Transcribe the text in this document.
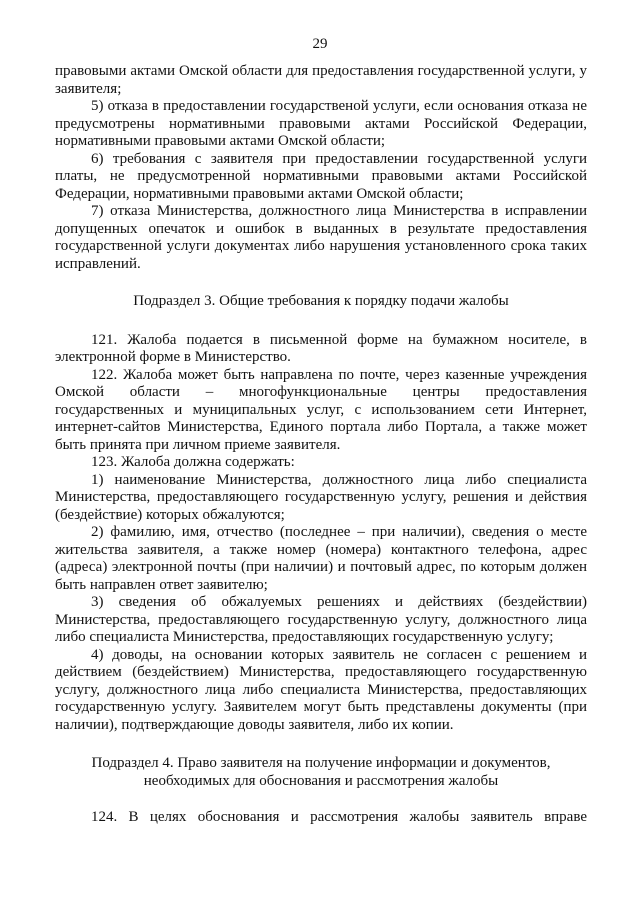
29

правовыми актами Омской области для предоставления государственной услуги, у заявителя;

5) отказа в предоставлении государственой услуги, если основания отказа не предусмотрены нормативными правовыми актами Российской Федерации, нормативными правовыми актами Омской области;

6) требования с заявителя при предоставлении государственной услуги платы, не предусмотренной нормативными правовыми актами Российской Федерации, нормативными правовыми актами Омской области;

7) отказа Министерства, должностного лица Министерства в исправлении допущенных опечаток и ошибок в выданных в результате предоставления государственной услуги документах либо нарушения установленного срока таких исправлений.

Подраздел 3. Общие требования к порядку подачи жалобы

121. Жалоба подается в письменной форме на бумажном носителе, в электронной форме в Министерство.

122. Жалоба может быть направлена по почте, через казенные учреждения Омской области – многофункциональные центры предоставления государственных и муниципальных услуг, с использованием сети Интернет, интернет-сайтов Министерства, Единого портала либо Портала, а также может быть принята при личном приеме заявителя.

123. Жалоба должна содержать:

1) наименование Министерства, должностного лица либо специалиста Министерства, предоставляющего государственную услугу, решения и действия (бездействие) которых обжалуются;

2) фамилию, имя, отчество (последнее – при наличии), сведения о месте жительства заявителя, а также номер (номера) контактного телефона, адрес (адреса) электронной почты (при наличии) и почтовый адрес, по которым должен быть направлен ответ заявителю;

3) сведения об обжалуемых решениях и действиях (бездействии) Министерства, предоставляющего государственную услугу, должностного лица либо специалиста Министерства, предоставляющих государственную услугу;

4) доводы, на основании которых заявитель не согласен с решением и действием (бездействием) Министерства, предоставляющего государственную услугу, должностного лица либо специалиста Министерства, предоставляющих государственную услугу. Заявителем могут быть представлены документы (при наличии), подтверждающие доводы заявителя, либо их копии.

Подраздел 4. Право заявителя на получение информации и документов,

необходимых для обоснования и рассмотрения жалобы

124. В целях обоснования и рассмотрения жалобы заявитель вправе
